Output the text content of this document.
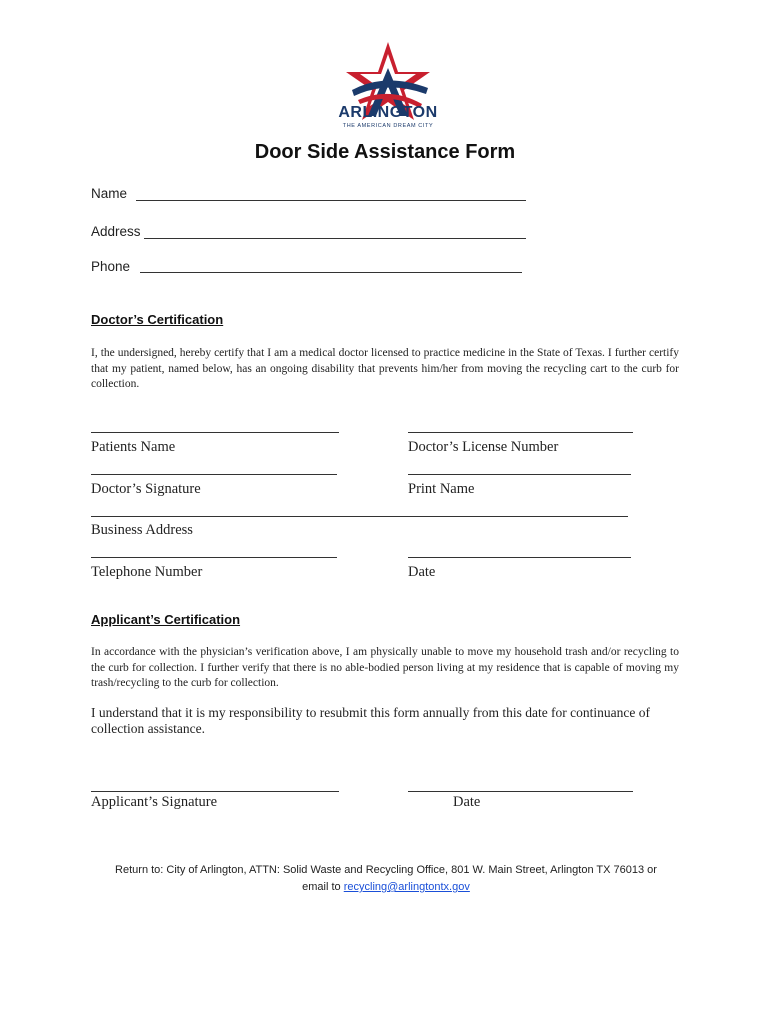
ARLINGTON
THE AMERICAN DREAM CITY
Door Side Assistance Form
Name
Address
Phone
Doctor’s Certification
I, the undersigned, hereby certify that I am a medical doctor licensed to practice medicine in the State of Texas. I further certify that my patient, named below, has an ongoing disability that prevents him/her from moving the recycling cart to the curb for collection.
Patients Name	Doctor’s License Number
Doctor’s Signature	Print Name
Business Address
Telephone Number	Date
Applicant’s Certification
In accordance with the physician’s verification above, I am physically unable to move my household trash and/or recycling to the curb for collection. I further verify that there is no able-bodied person living at my residence that is capable of moving my trash/recycling to the curb for collection.
I understand that it is my responsibility to resubmit this form annually from this date for continuance of collection assistance.
Applicant’s Signature	Date
Return to: City of Arlington, ATTN: Solid Waste and Recycling Office, 801 W. Main Street, Arlington TX 76013 or
email to recycling@arlingtontx.gov
